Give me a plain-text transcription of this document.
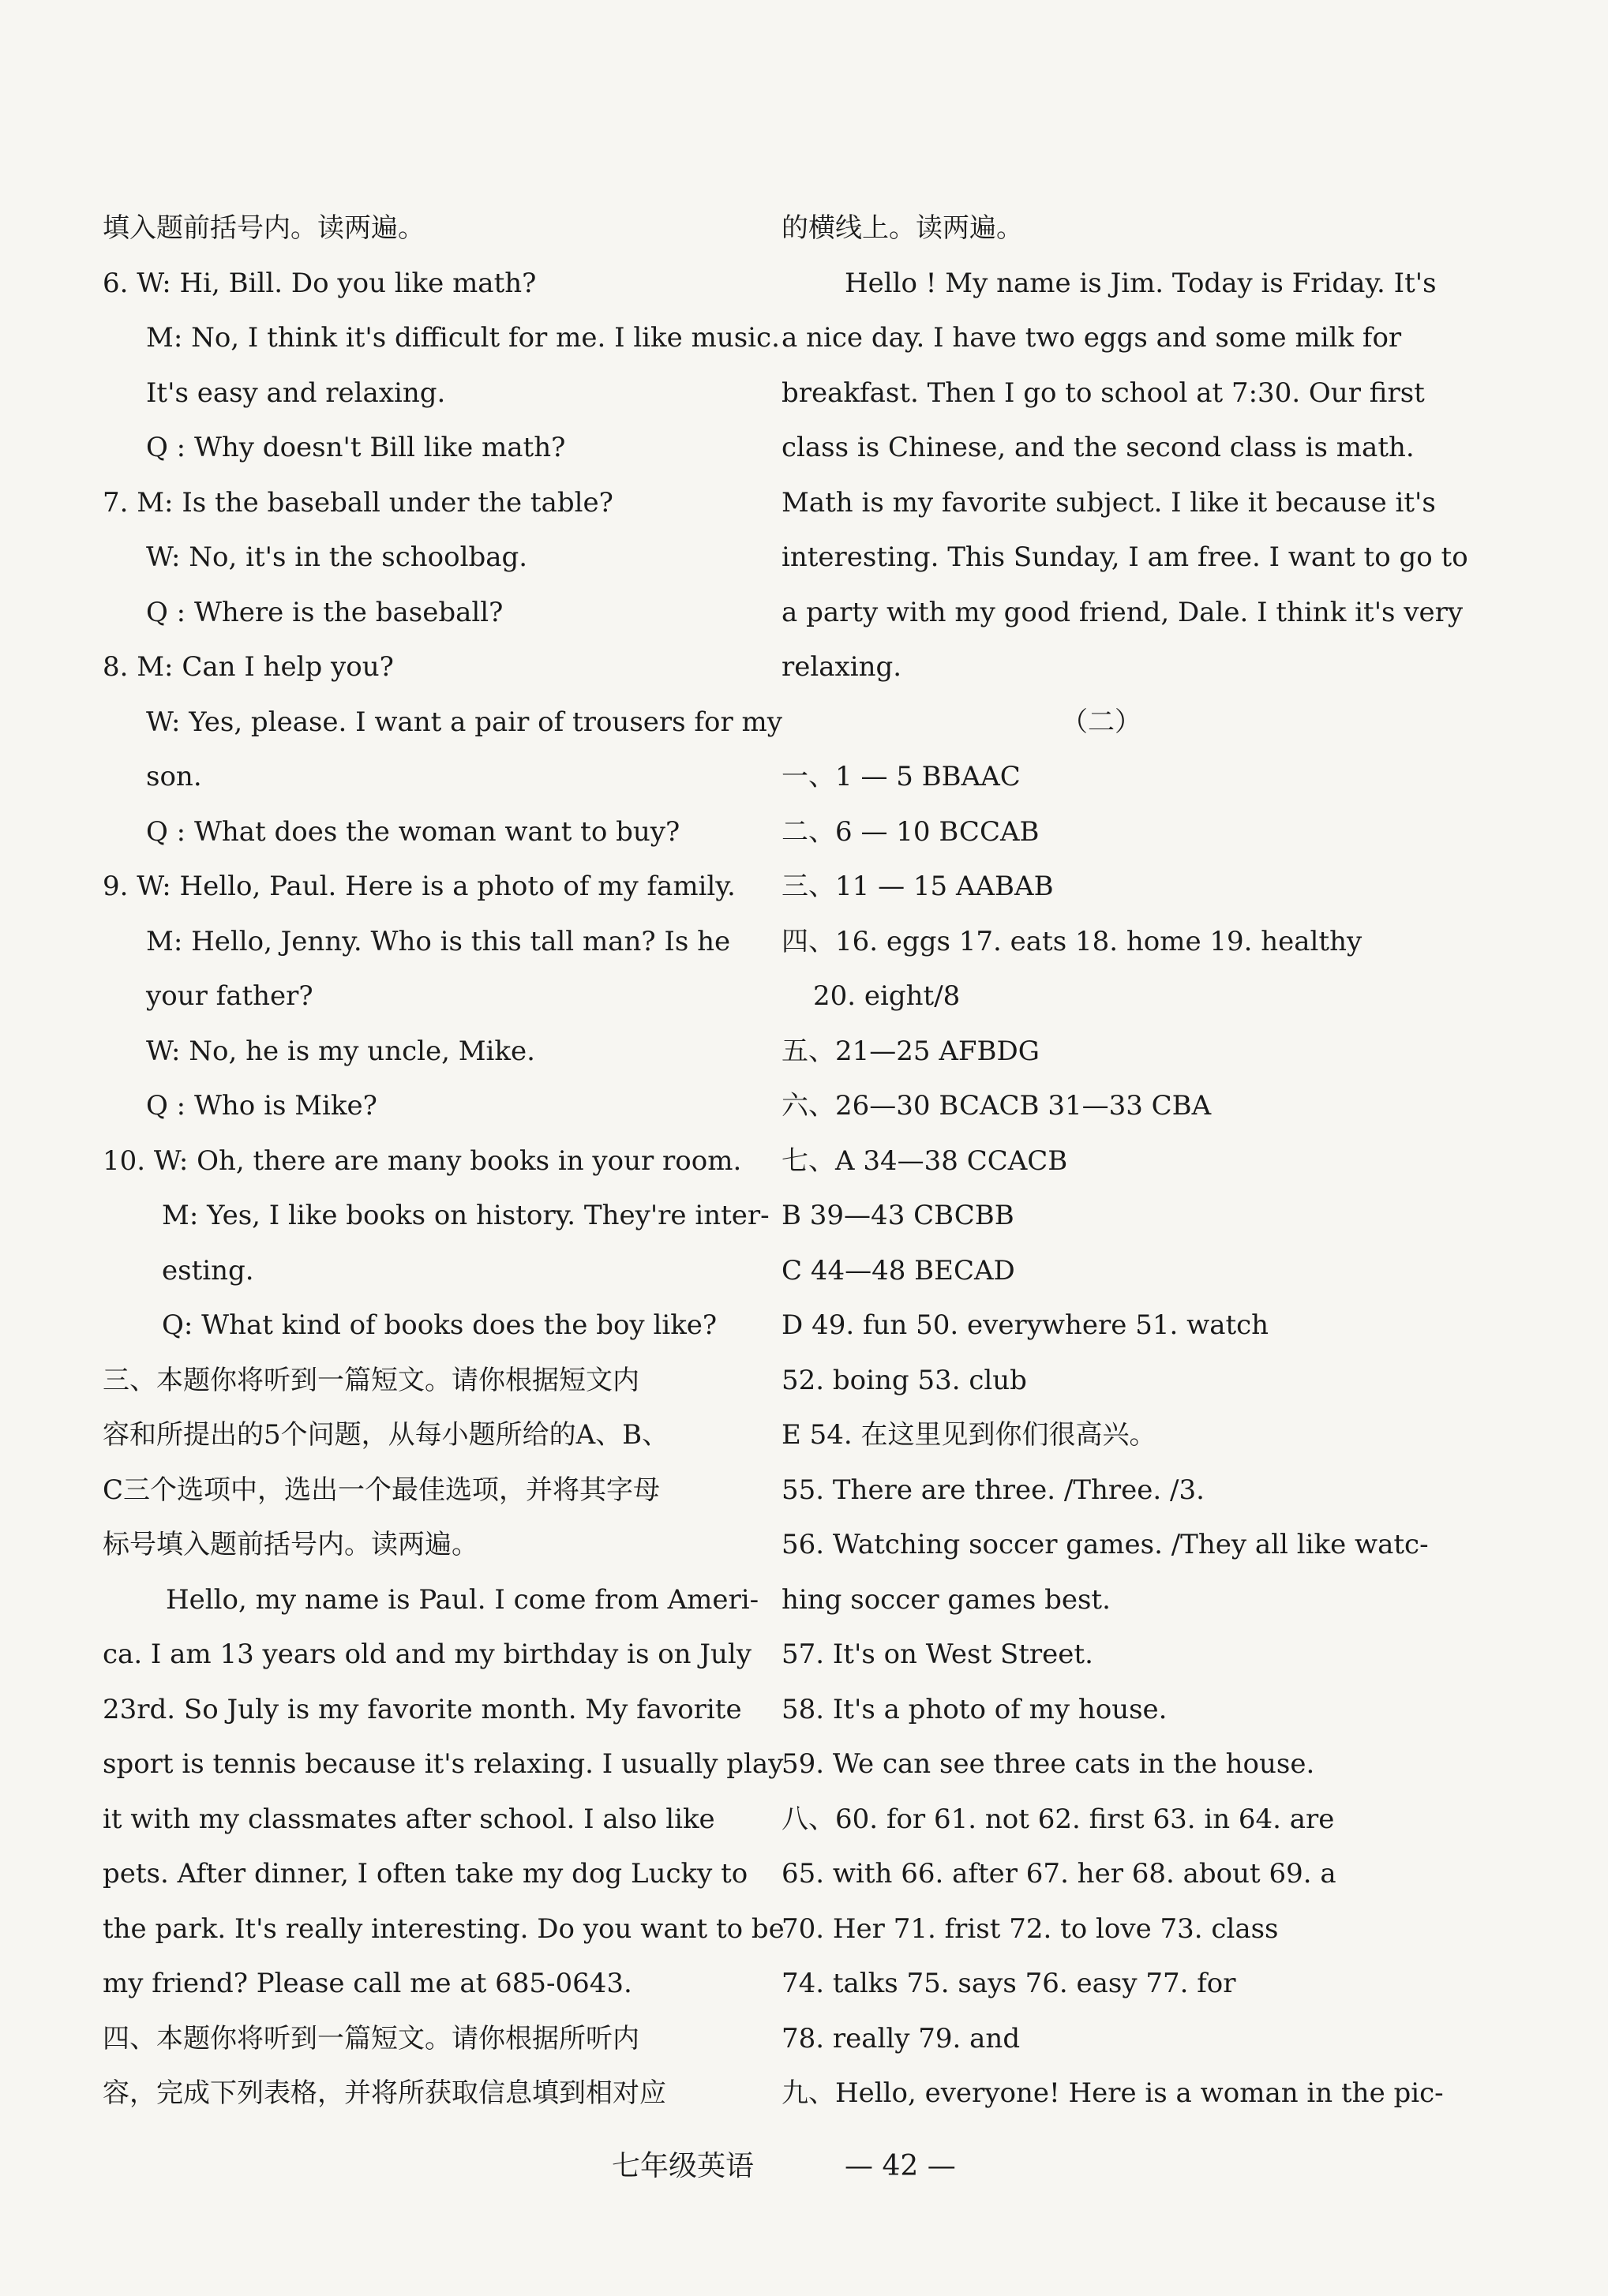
填入题前括号内。读两遍。
6. W: Hi, Bill. Do you like math?
M: No, I think it's difficult for me. I like music.
It's easy and relaxing.
Q : Why doesn't Bill like math?
7. M: Is the baseball under the table?
W: No, it's in the schoolbag.
Q : Where is the baseball?
8. M: Can I help you?
W: Yes, please. I want a pair of trousers for my
son.
Q : What does the woman want to buy?
9. W: Hello, Paul. Here is a photo of my family.
M: Hello, Jenny. Who is this tall man? Is he
your father?
W: No, he is my uncle, Mike.
Q : Who is Mike?
10. W: Oh, there are many books in your room.
M: Yes, I like books on history. They're inter-
esting.
Q: What kind of books does the boy like?
三、本题你将听到一篇短文。请你根据短文内
容和所提出的5个问题，从每小题所给的A、B、
C三个选项中，选出一个最佳选项，并将其字母
标号填入题前括号内。读两遍。
Hello, my name is Paul. I come from Ameri-
ca. I am 13 years old and my birthday is on July
23rd. So July is my favorite month. My favorite
sport is tennis because it's relaxing. I usually play
it with my classmates after school. I also like
pets. After dinner, I often take my dog Lucky to
the park. It's really interesting. Do you want to be
my friend? Please call me at 685-0643.
四、本题你将听到一篇短文。请你根据所听内
容，完成下列表格，并将所获取信息填到相对应
的横线上。读两遍。
Hello ! My name is Jim. Today is Friday. It's
a nice day. I have two eggs and some milk for
breakfast. Then I go to school at 7:30. Our first
class is Chinese, and the second class is math.
Math is my favorite subject. I like it because it's
interesting. This Sunday, I am free. I want to go to
a party with my good friend, Dale. I think it's very
relaxing.
（二）
一、1 — 5 BBAAC
二、6 — 10 BCCAB
三、11 — 15 AABAB
四、16. eggs 17. eats 18. home 19. healthy
20. eight/8
五、21—25 AFBDG
六、26—30 BCACB 31—33 CBA
七、A 34—38 CCACB
B 39—43 CBCBB
C 44—48 BECAD
D 49. fun 50. everywhere 51. watch
52. boing 53. club
E 54. 在这里见到你们很高兴。
55. There are three. /Three. /3.
56. Watching soccer games. /They all like watc-
hing soccer games best.
57. It's on West Street.
58. It's a photo of my house.
59. We can see three cats in the house.
八、60. for 61. not 62. first 63. in 64. are
65. with 66. after 67. her 68. about 69. a
70. Her 71. frist 72. to love 73. class
74. talks 75. says 76. easy 77. for
78. really 79. and
九、Hello, everyone! Here is a woman in the pic-
七年级英语	— 42 —
